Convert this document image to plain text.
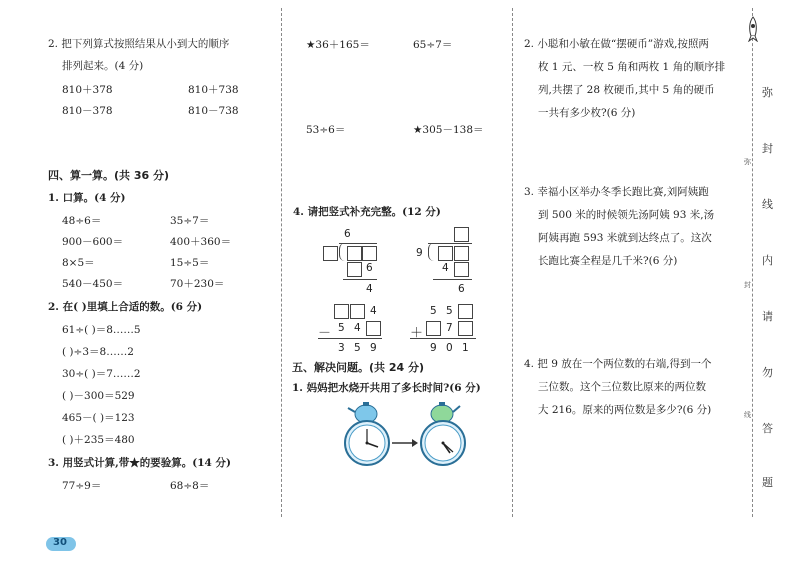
2. 把下列算式按照结果从小到大的顺序
排列起来。(4 分)
810＋378	810＋738
810－378	810－738
四、算一算。(共 36 分)
1. 口算。(4 分)
48÷6＝	35÷7＝
900－600＝	400＋360＝
8×5＝	15÷5＝
540－450＝	70＋230＝
2. 在( )里填上合适的数。(6 分)
61÷( )＝8……5
( )÷3＝8……2
30÷( )＝7……2
( )－300＝529
465－( )＝123
( )＋235＝480
3. 用竖式计算,带★的要验算。(14 分)
77÷9＝	68÷8＝
30
★36＋165＝	65÷7＝
53÷6＝	★305－138＝
4. 请把竖式补充完整。(12 分)
6
6
4
9
4
6
4
－ 5 4
3 5 9
5 5
＋ 7
9 0 1
五、解决问题。(共 24 分)
1. 妈妈把水烧开共用了多长时间?(6 分)
2. 小聪和小敏在做“摆硬币”游戏,按照两
枚 1 元、一枚 5 角和两枚 1 角的顺序排
列,共摆了 28 枚硬币,其中 5 角的硬币
一共有多少枚?(6 分)
3. 幸福小区举办冬季长跑比赛,刘阿姨跑
到 500 米的时候领先汤阿姨 93 米,汤
阿姨再跑 593 米就到达终点了。这次
长跑比赛全程是几千米?(6 分)
4. 把 9 放在一个两位数的右端,得到一个
三位数。这个三位数比原来的两位数
大 216。原来的两位数是多少?(6 分)
弥
封
线
内
请
勿
答
题
弥
封
线
